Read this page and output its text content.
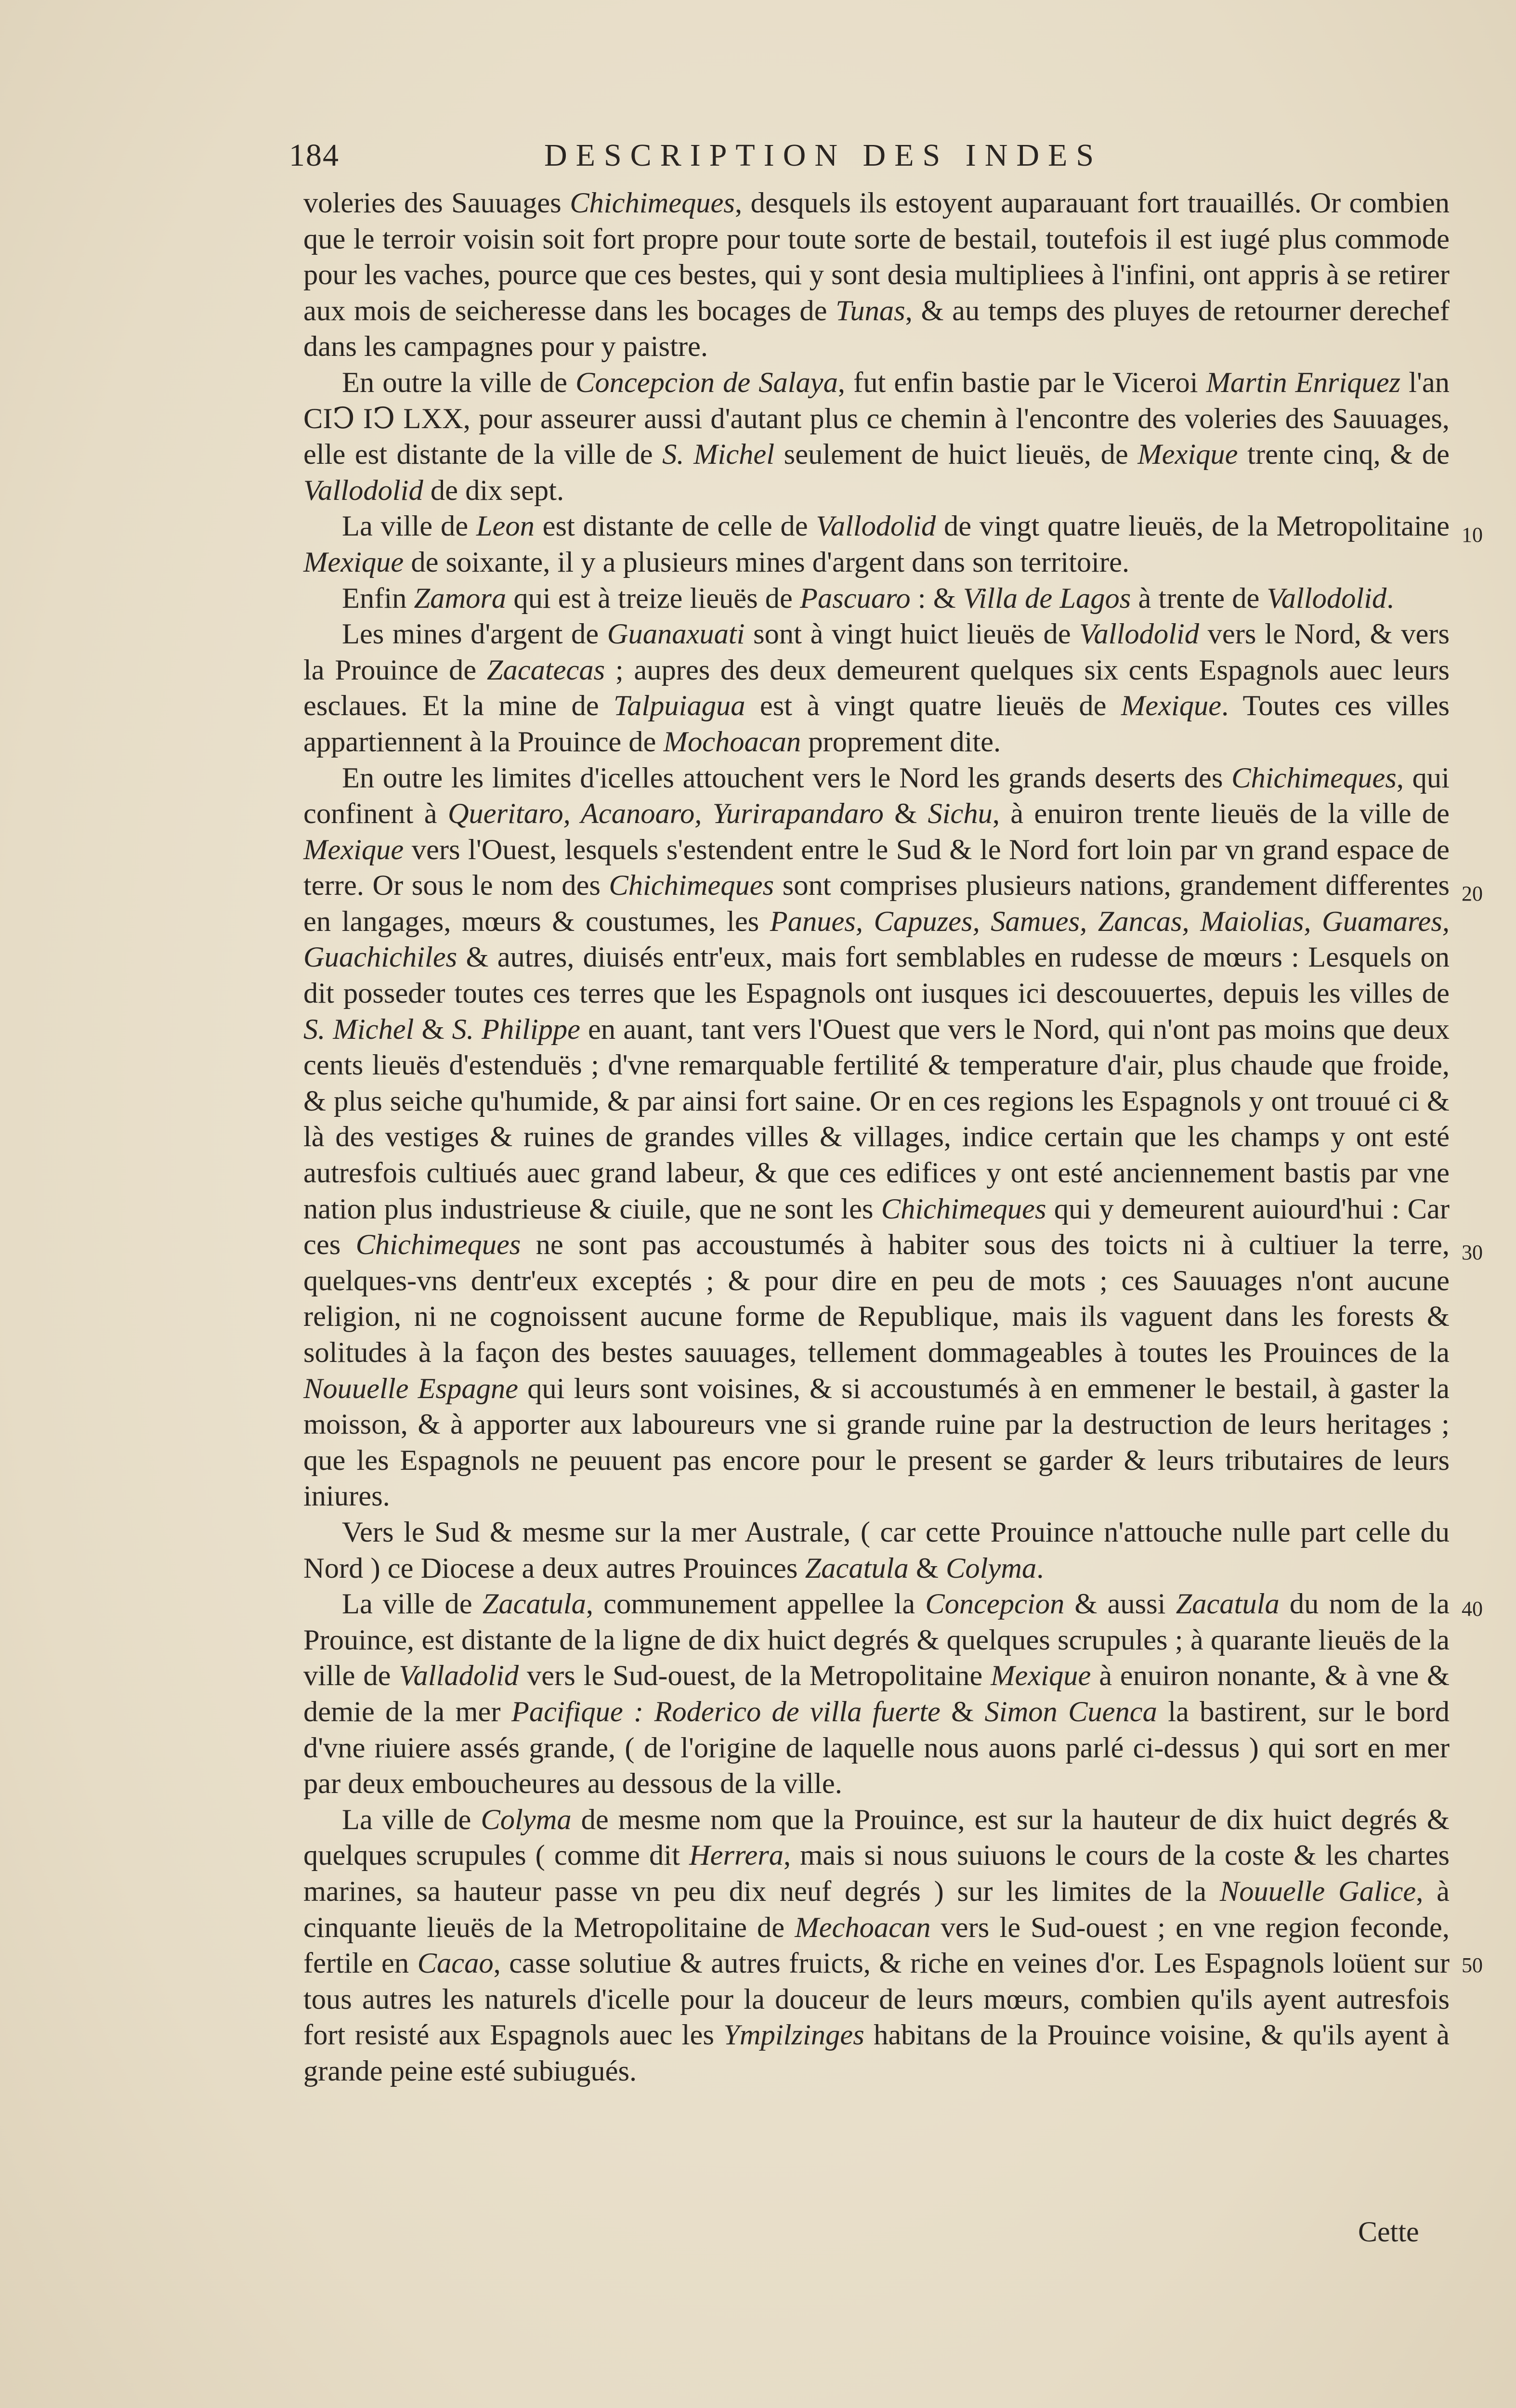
184	DESCRIPTION DES INDES

voleries des Sauuages Chichimeques, desquels ils estoyent auparauant fort trauaillés. Or combien que le terroir voisin soit fort propre pour toute sorte de bestail, toutefois il est iugé plus commode pour les vaches, pource que ces bestes, qui y sont desia multipliees à l'infini, ont appris à se retirer aux mois de seicheresse dans les bocages de Tunas, & au temps des pluyes de retourner derechef dans les campagnes pour y paistre.

En outre la ville de Concepcion de Salaya, fut enfin bastie par le Viceroi Martin Enriquez l'an CIↃ IↃ LXX, pour asseurer aussi d'autant plus ce chemin à l'encontre des voleries des Sauuages, elle est distante de la ville de S. Michel seulement de huict lieuës, de Mexique trente cinq, & de Vallodolid de dix sept.

La ville de Leon est distante de celle de Vallodolid de vingt quatre lieuës, de la Metropolitaine Mexique de soixante, il y a plusieurs mines d'argent dans son territoire.

Enfin Zamora qui est à treize lieuës de Pascuaro : & Villa de Lagos à trente de Vallodolid.

Les mines d'argent de Guanaxuati sont à vingt huict lieuës de Vallodolid vers le Nord, & vers la Prouince de Zacatecas ; aupres des deux demeurent quelques six cents Espagnols auec leurs esclaues. Et la mine de Talpuiagua est à vingt quatre lieuës de Mexique. Toutes ces villes appartiennent à la Prouince de Mochoacan proprement dite.

En outre les limites d'icelles attouchent vers le Nord les grands deserts des Chichimeques, qui confinent à Queritaro, Acanoaro, Yurirapandaro & Sichu, à enuiron trente lieuës de la ville de Mexique vers l'Ouest, lesquels s'estendent entre le Sud & le Nord fort loin par vn grand espace de terre. Or sous le nom des Chichimeques sont comprises plusieurs nations, grandement differentes en langages, mœurs & coustumes, les Panues, Capuzes, Samues, Zancas, Maiolias, Guamares, Guachichiles & autres, diuisés entr'eux, mais fort semblables en rudesse de mœurs : Lesquels on dit posseder toutes ces terres que les Espagnols ont iusques ici descouuertes, depuis les villes de S. Michel & S. Philippe en auant, tant vers l'Ouest que vers le Nord, qui n'ont pas moins que deux cents lieuës d'estenduës ; d'vne remarquable fertilité & temperature d'air, plus chaude que froide, & plus seiche qu'humide, & par ainsi fort saine. Or en ces regions les Espagnols y ont trouué ci & là des vestiges & ruines de grandes villes & villages, indice certain que les champs y ont esté autresfois cultiués auec grand labeur, & que ces edifices y ont esté anciennement bastis par vne nation plus industrieuse & ciuile, que ne sont les Chichimeques qui y demeurent auiourd'hui : Car ces Chichimeques ne sont pas accoustumés à habiter sous des toicts ni à cultiuer la terre, quelques-vns dentr'eux exceptés ; & pour dire en peu de mots ; ces Sauuages n'ont aucune religion, ni ne cognoissent aucune forme de Republique, mais ils vaguent dans les forests & solitudes à la façon des bestes sauuages, tellement dommageables à toutes les Prouinces de la Nouuelle Espagne qui leurs sont voisines, & si accoustumés à en emmener le bestail, à gaster la moisson, & à apporter aux laboureurs vne si grande ruine par la destruction de leurs heritages ; que les Espagnols ne peuuent pas encore pour le present se garder & leurs tributaires de leurs iniures.

Vers le Sud & mesme sur la mer Australe, ( car cette Prouince n'attouche nulle part celle du Nord ) ce Diocese a deux autres Prouinces Zacatula & Colyma.

La ville de Zacatula, communement appellee la Concepcion & aussi Zacatula du nom de la Prouince, est distante de la ligne de dix huict degrés & quelques scrupules ; à quarante lieuës de la ville de Valladolid vers le Sud-ouest, de la Metropolitaine Mexique à enuiron nonante, & à vne & demie de la mer Pacifique : Roderico de villa fuerte & Simon Cuenca la bastirent, sur le bord d'vne riuiere assés grande, ( de l'origine de laquelle nous auons parlé ci-dessus ) qui sort en mer par deux emboucheures au dessous de la ville.

La ville de Colyma de mesme nom que la Prouince, est sur la hauteur de dix huict degrés & quelques scrupules ( comme dit Herrera, mais si nous suiuons le cours de la coste & les chartes marines, sa hauteur passe vn peu dix neuf degrés ) sur les limites de la Nouuelle Galice, à cinquante lieuës de la Metropolitaine de Mechoacan vers le Sud-ouest ; en vne region feconde, fertile en Cacao, casse solutiue & autres fruicts, & riche en veines d'or. Les Espagnols loüent sur tous autres les naturels d'icelle pour la douceur de leurs mœurs, combien qu'ils ayent autresfois fort resisté aux Espagnols auec les Ympilzinges habitans de la Prouince voisine, & qu'ils ayent à grande peine esté subiugués.

10
20
30
40
50
Cette
